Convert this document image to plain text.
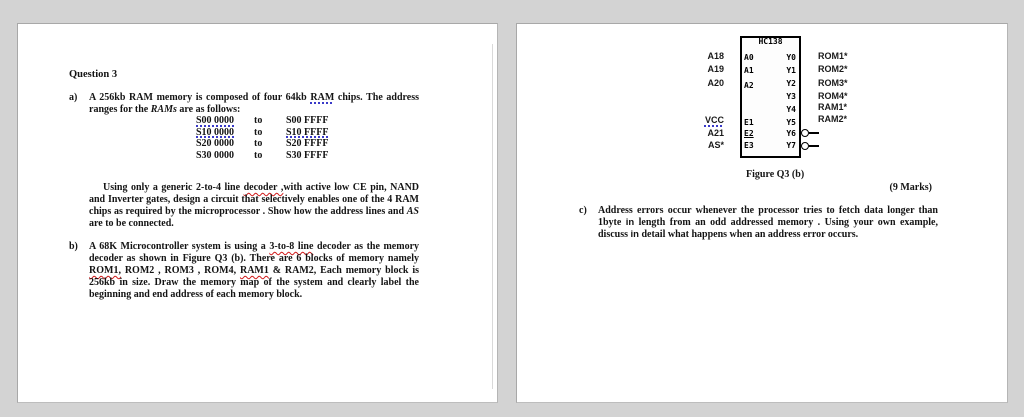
Question 3
a) A 256kb RAM memory is composed of four 64kb RAM chips. The address ranges for the RAMs are as follows:

S00 0000 to S00 FFFF
S10 0000 to S10 FFFF
S20 0000 to S20 FFFF
S30 0000 to S30 FFFF

Using only a generic 2-to-4 line decoder ,with active low CE pin, NAND and Inverter gates, design a circuit that selectively enables one of the 4 RAM chips as required by the microprocessor . Show how the address lines and AS are to be connected.

b) A 68K Microcontroller system is using a 3-to-8 line decoder as the memory decoder as shown in Figure Q3 (b). There are 6 blocks of memory namely ROM1, ROM2 , ROM3 , ROM4, RAM1 & RAM2, Each memory block is 256kb in size. Draw the memory map of the system and clearly label the beginning and end address of each memory block.

A18
A19
A20
VCC
A21
AS*
HC138
A0
A1
A2
E1
E2
E3
Y0
Y1
Y2
Y3
Y4
Y5
Y6
Y7
ROM1*
ROM2*
ROM3*
ROM4*
RAM1*
RAM2*
Figure Q3 (b)
(9 Marks)
c) Address errors occur whenever the processor tries to fetch data longer than 1byte in length from an odd addressed memory . Using your own example, discuss in detail what happens when an address error occurs.
